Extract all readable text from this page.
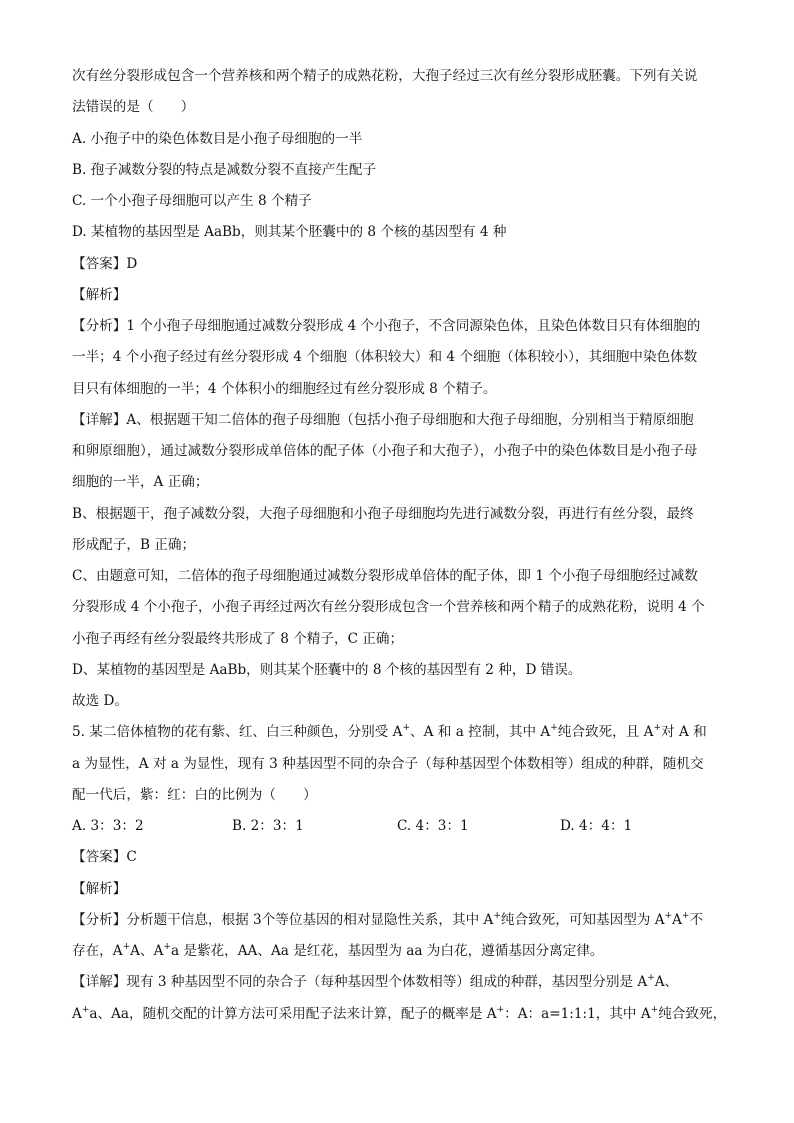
次有丝分裂形成包含一个营养核和两个精子的成熟花粉，大孢子经过三次有丝分裂形成胚囊。下列有关说
法错误的是（　　）
A. 小孢子中的染色体数目是小孢子母细胞的一半
B. 孢子减数分裂的特点是减数分裂不直接产生配子
C. 一个小孢子母细胞可以产生 8 个精子
D. 某植物的基因型是 AaBb，则其某个胚囊中的 8 个核的基因型有 4 种
【答案】D
【解析】
【分析】1 个小孢子母细胞通过减数分裂形成 4 个小孢子，不含同源染色体，且染色体数目只有体细胞的
一半；4 个小孢子经过有丝分裂形成 4 个细胞（体积较大）和 4 个细胞（体积较小），其细胞中染色体数
目只有体细胞的一半；4 个体积小的细胞经过有丝分裂形成 8 个精子。
【详解】A、根据题干知二倍体的孢子母细胞（包括小孢子母细胞和大孢子母细胞，分别相当于精原细胞
和卵原细胞），通过减数分裂形成单倍体的配子体（小孢子和大孢子），小孢子中的染色体数目是小孢子母
细胞的一半，A 正确；
B、根据题干，孢子减数分裂，大孢子母细胞和小孢子母细胞均先进行减数分裂，再进行有丝分裂，最终
形成配子，B 正确；
C、由题意可知，二倍体的孢子母细胞通过减数分裂形成单倍体的配子体，即 1 个小孢子母细胞经过减数
分裂形成 4 个小孢子，小孢子再经过两次有丝分裂形成包含一个营养核和两个精子的成熟花粉，说明 4 个
小孢子再经有丝分裂最终共形成了 8 个精子，C 正确；
D、某植物的基因型是 AaBb，则其某个胚囊中的 8 个核的基因型有 2 种，D 错误。
故选 D。
5. 某二倍体植物的花有紫、红、白三种颜色，分别受 A+、A 和 a 控制，其中 A+纯合致死，且 A+对 A 和
a 为显性，A 对 a 为显性，现有 3 种基因型不同的杂合子（每种基因型个体数相等）组成的种群，随机交
配一代后，紫：红：白的比例为（　　）
A. 3：3：2	B. 2：3：1	C. 4：3：1	D. 4：4：1
【答案】C
【解析】
【分析】分析题干信息，根据 3个等位基因的相对显隐性关系，其中 A+纯合致死，可知基因型为 A+A+不
存在，A+A、A+a 是紫花，AA、Aa 是红花，基因型为 aa 为白花，遵循基因分离定律。
【详解】现有 3 种基因型不同的杂合子（每种基因型个体数相等）组成的种群，基因型分别是 A+A、
A+a、Aa，随机交配的计算方法可采用配子法来计算，配子的概率是 A+：A：a=1:1:1，其中 A+纯合致死，
